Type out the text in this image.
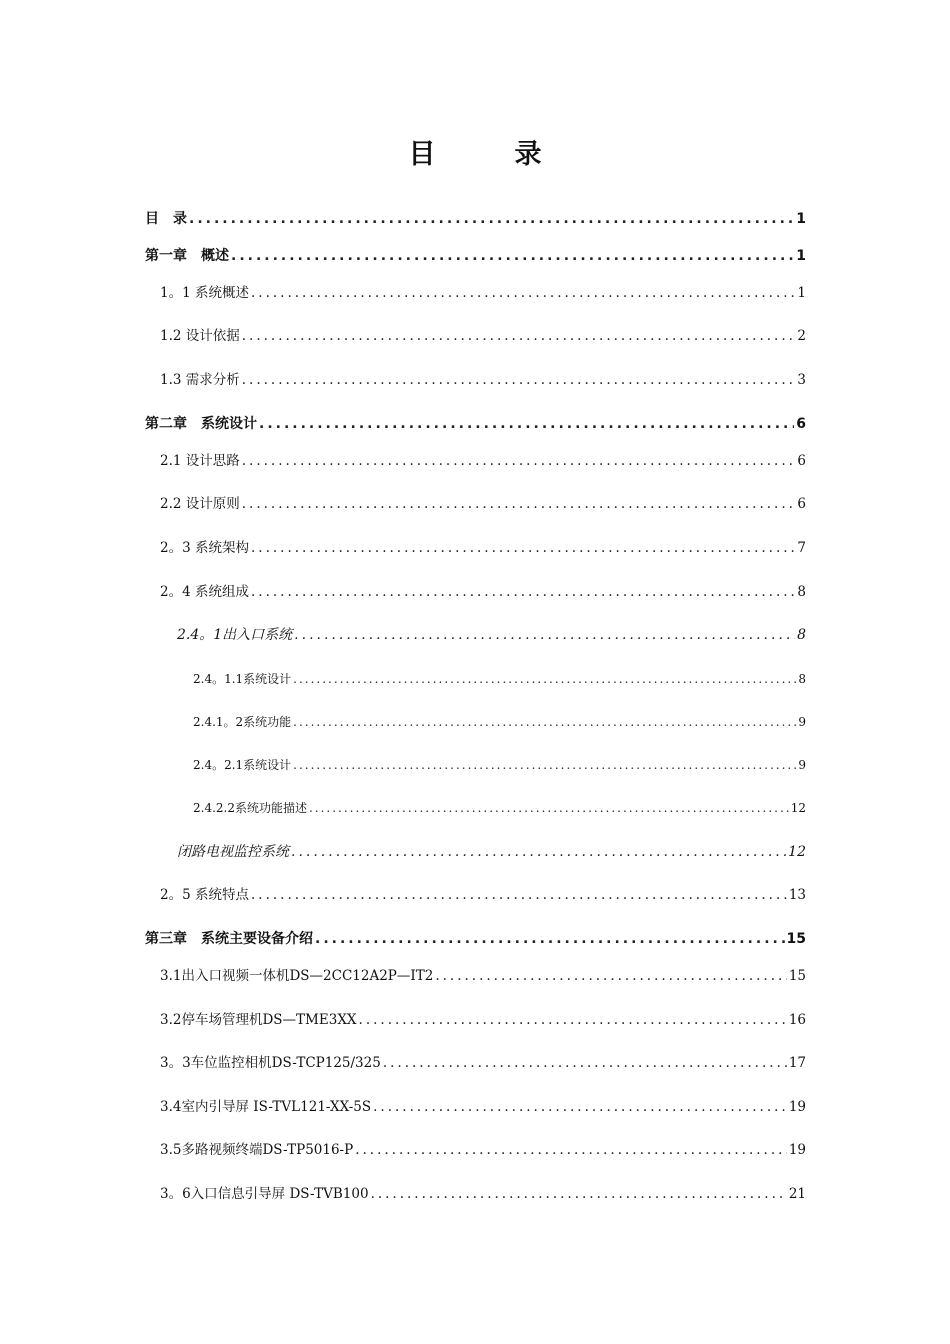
目　录
目　录 .....	1
第一章　概述 .....	1
1。1 系统概述 .....	1
1.2 设计依据 .....	2
1.3 需求分析 .....	3
第二章　系统设计 .....	6
2.1 设计思路 .....	6
2.2 设计原则 .....	6
2。3 系统架构 .....	7
2。4 系统组成 .....	8
2.4。1出入口系统 .....	8
2.4。1.1系统设计 .....	8
2.4.1。2系统功能 .....	9
2.4。2.1系统设计 .....	9
2.4.2.2系统功能描述 .....	12
闭路电视监控系统 .....	12
2。5 系统特点 .....	13
第三章　系统主要设备介绍 .....	15
3.1出入口视频一体机DS—2CC12A2P—IT2 .....	15
3.2停车场管理机DS—TME3XX .....	16
3。3车位监控相机DS-TCP125/325 .....	17
3.4室内引导屏 IS-TVL121-XX-5S .....	19
3.5多路视频终端DS-TP5016-P .....	19
3。6入口信息引导屏 DS-TVB100 .....	21
